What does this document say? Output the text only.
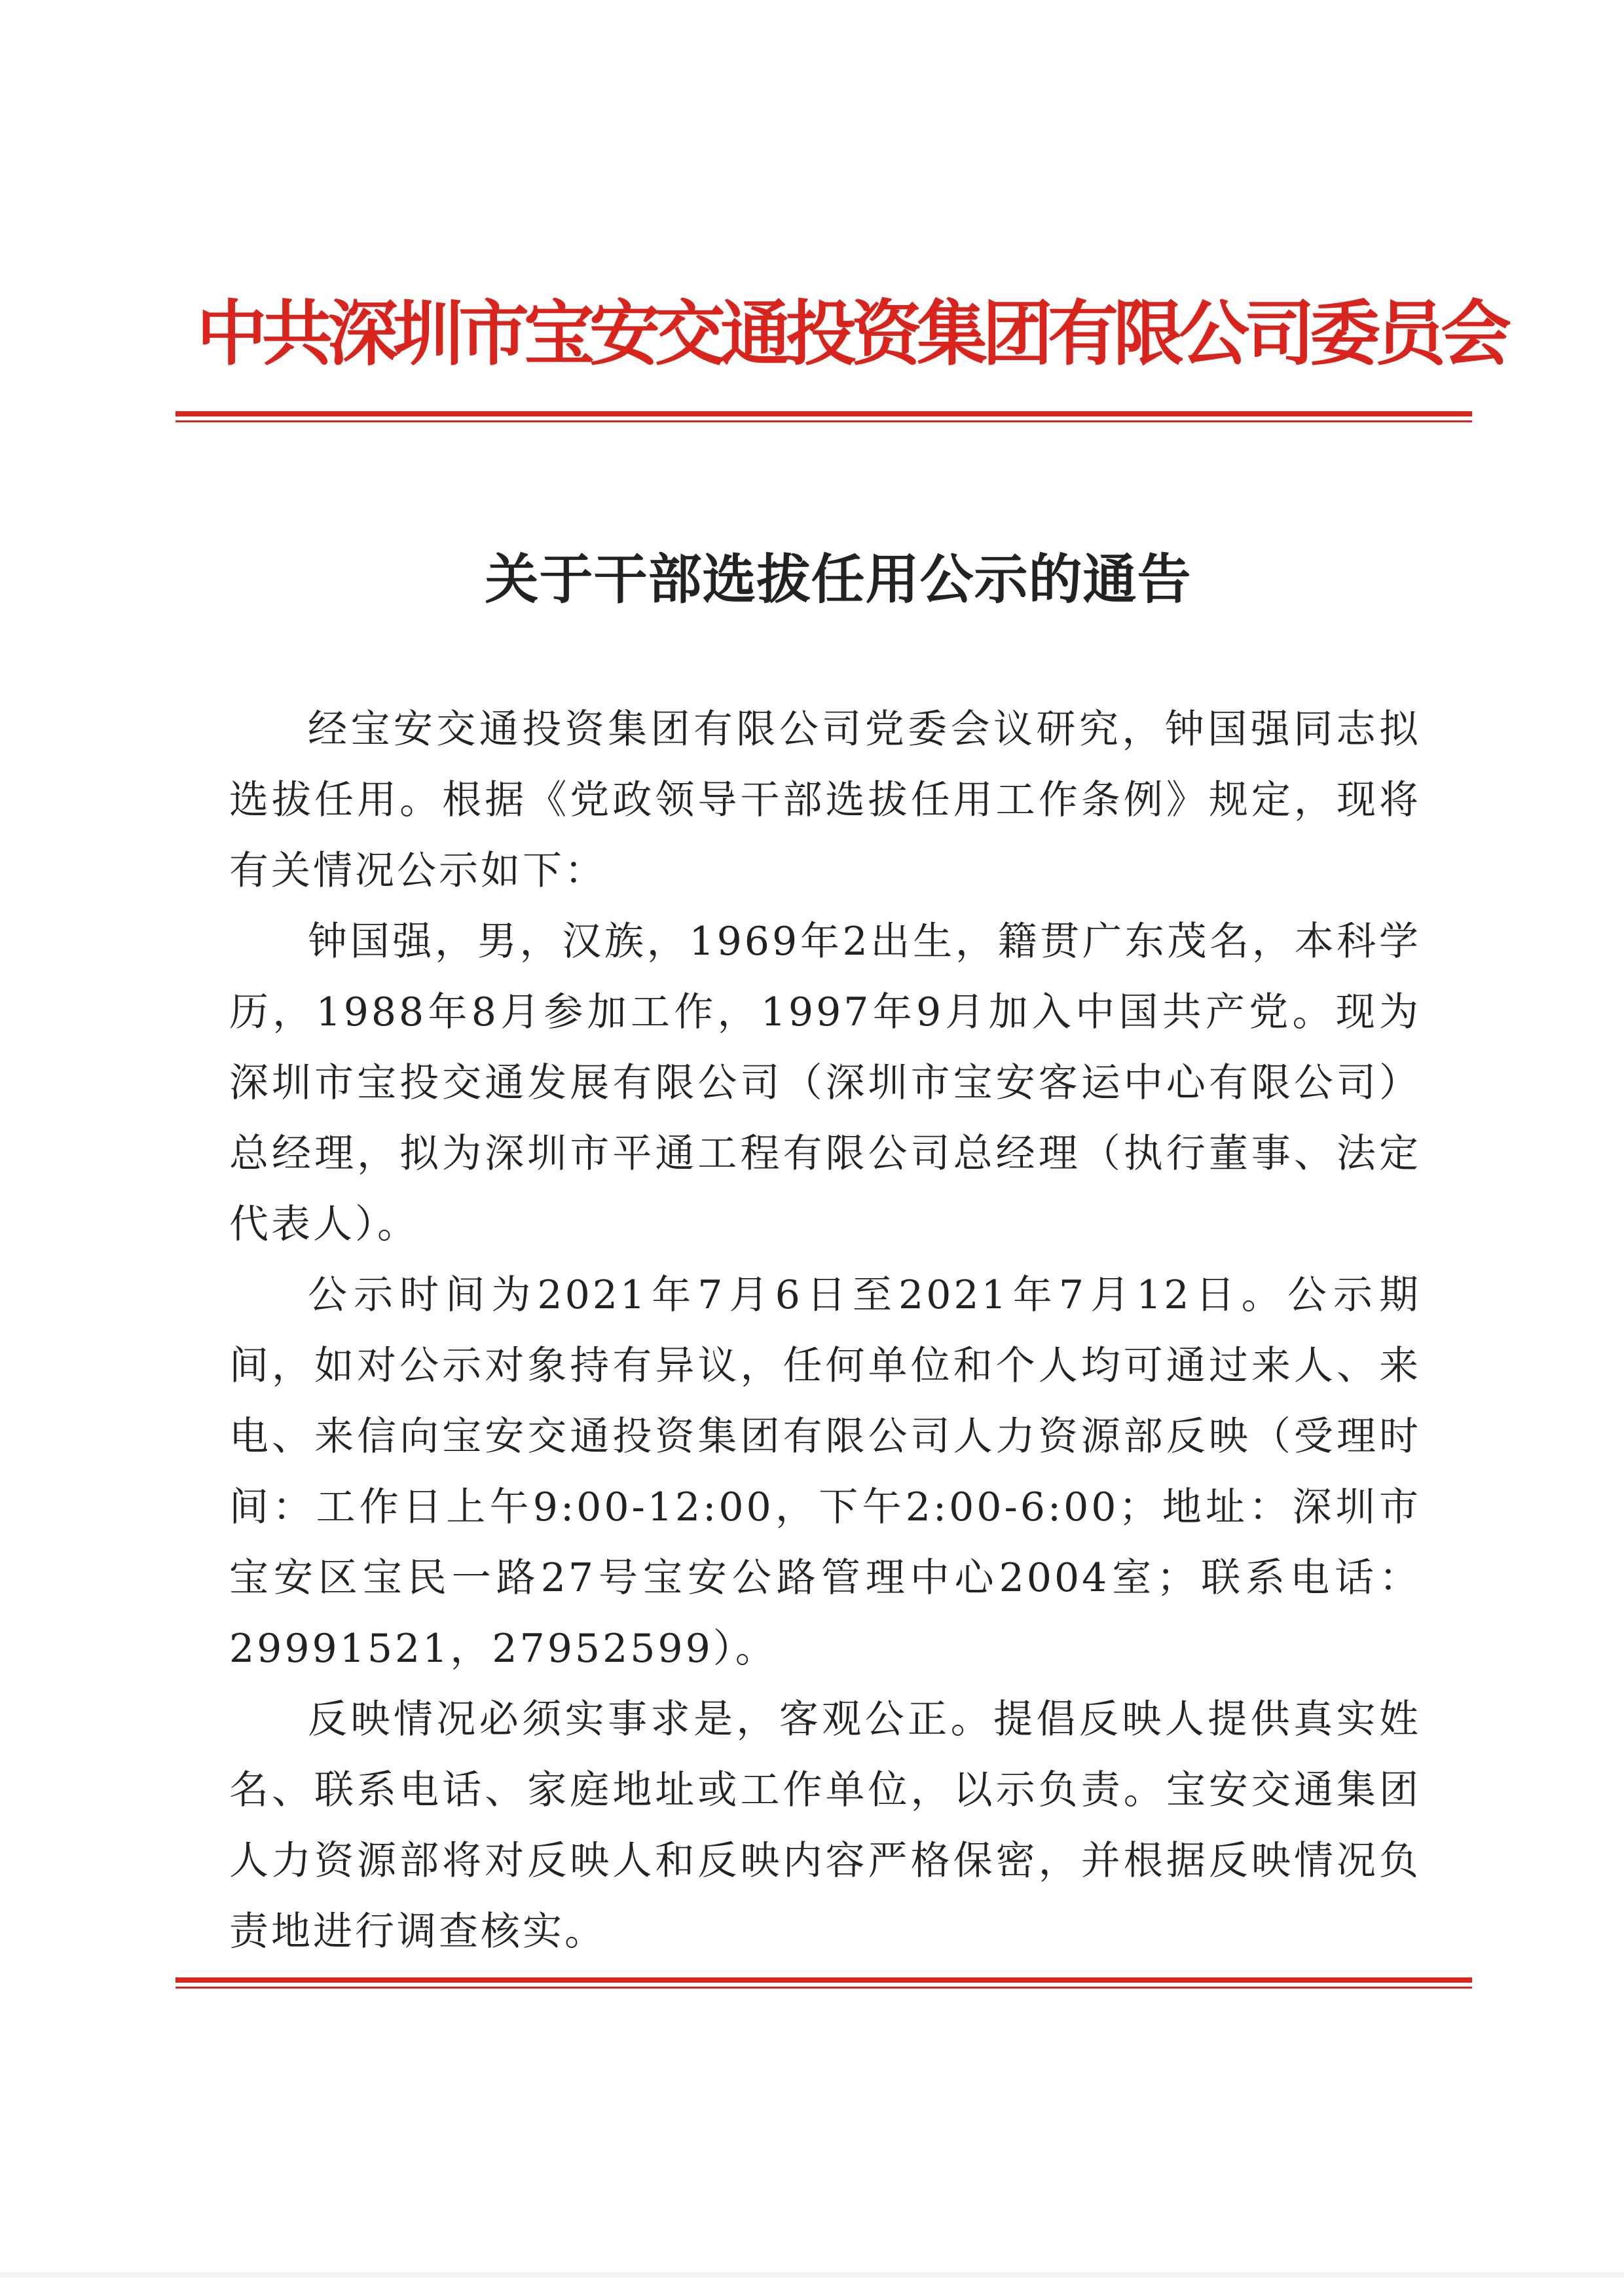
中共深圳市宝安交通投资集团有限公司委员会
关于干部选拔任用公示的通告

经宝安交通投资集团有限公司党委会议研究，钟国强同志拟选拔任用。根据《党政领导干部选拔任用工作条例》规定，现将有关情况公示如下：

钟国强，男，汉族，1969年2出生，籍贯广东茂名，本科学历，1988年8月参加工作，1997年9月加入中国共产党。现为深圳市宝投交通发展有限公司（深圳市宝安客运中心有限公司）总经理，拟为深圳市平通工程有限公司总经理（执行董事、法定代表人）。

公示时间为2021年7月6日至2021年7月12日。公示期间，如对公示对象持有异议，任何单位和个人均可通过来人、来电、来信向宝安交通投资集团有限公司人力资源部反映（受理时间：工作日上午9:00-12:00，下午2:00-6:00；地址：深圳市宝安区宝民一路27号宝安公路管理中心2004室；联系电话：29991521，27952599）。

反映情况必须实事求是，客观公正。提倡反映人提供真实姓名、联系电话、家庭地址或工作单位，以示负责。宝安交通集团人力资源部将对反映人和反映内容严格保密，并根据反映情况负责地进行调查核实。
